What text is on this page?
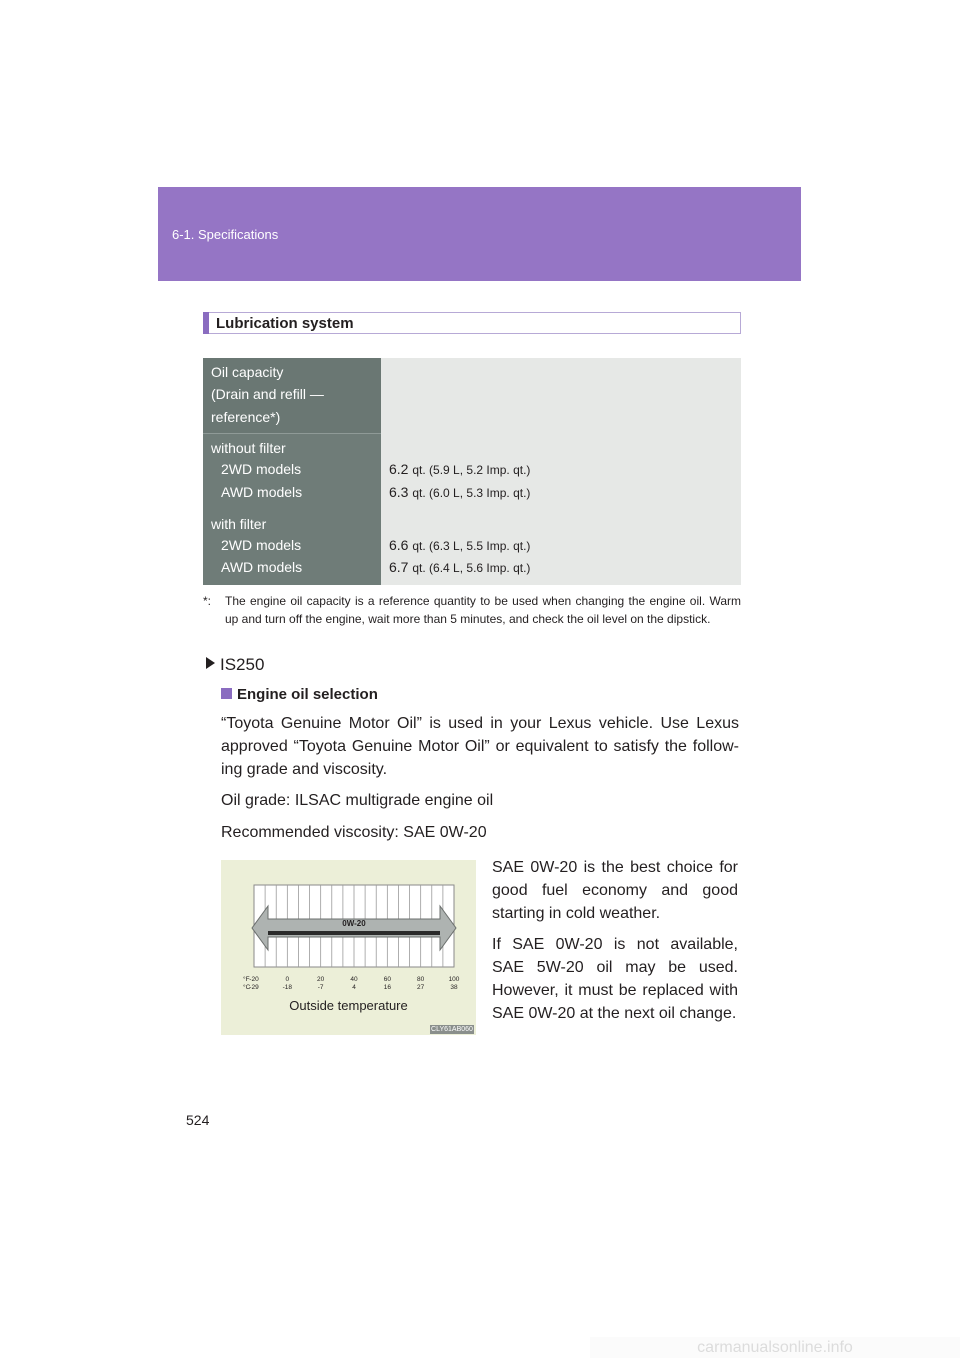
6-1. Specifications
Lubrication system
Oil capacity
(Drain and refill —
reference*)
without filter
2WD models	6.2 qt. (5.9 L, 5.2 Imp. qt.)
AWD models	6.3 qt. (6.0 L, 5.3 Imp. qt.)
with filter
2WD models	6.6 qt. (6.3 L, 5.5 Imp. qt.)
AWD models	6.7 qt. (6.4 L, 5.6 Imp. qt.)
*: The engine oil capacity is a reference quantity to be used when changing the engine oil. Warm up and turn off the engine, wait more than 5 minutes, and check the oil level on the dipstick.
IS250
Engine oil selection
“Toyota Genuine Motor Oil” is used in your Lexus vehicle. Use Lexus approved “Toyota Genuine Motor Oil” or equivalent to satisfy the follow-ing grade and viscosity.
Oil grade: ILSAC multigrade engine oil
Recommended viscosity: SAE 0W-20
0W-20
°F
°C
-20
-29
0
-18
20
-7
40
4
60
16
80
27
100
38
Outside temperature
CLY61AB060
SAE 0W-20 is the best choice for good fuel economy and good starting in cold weather.
If SAE 0W-20 is not available, SAE 5W-20 oil may be used. However, it must be replaced with SAE 0W-20 at the next oil change.
524
carmanualsonline.info
